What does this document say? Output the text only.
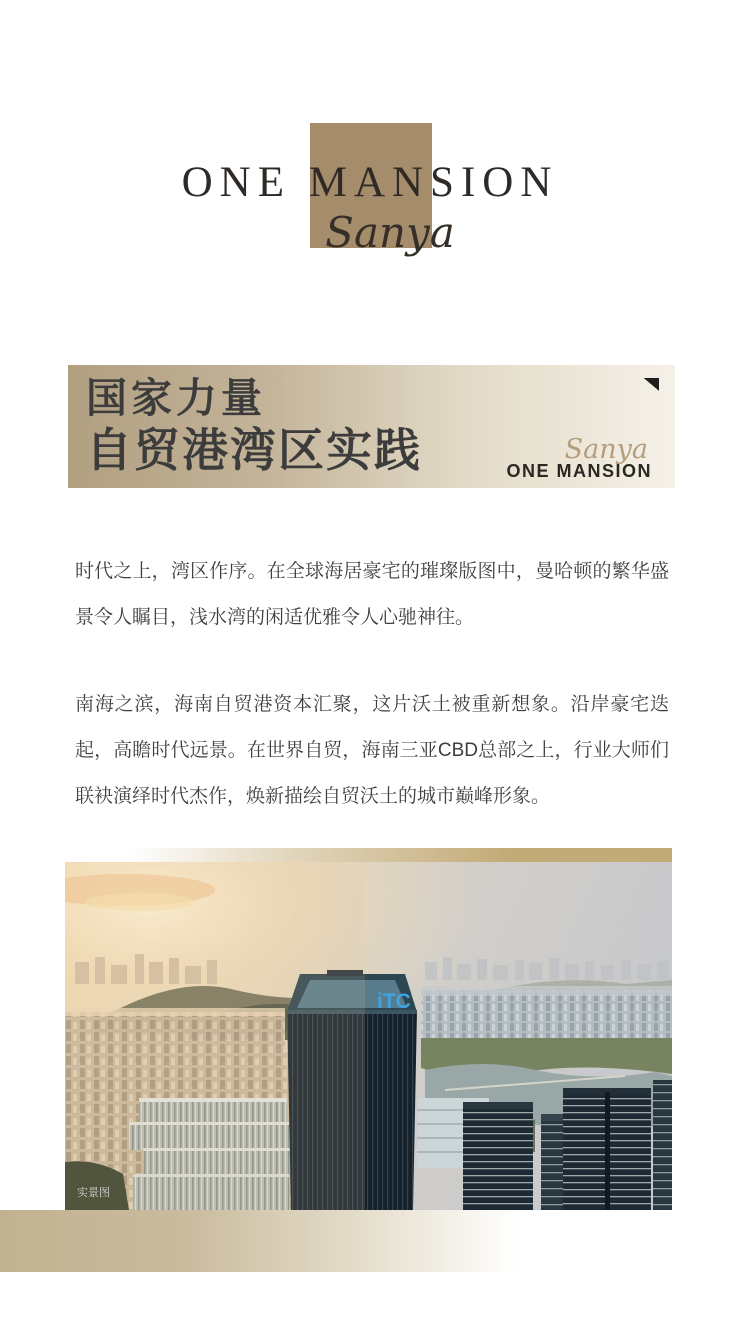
ONE MANSION
Sanya
国家力量
自贸港湾区实践	Sanya
ONE MANSION
时代之上，湾区作序。在全球海居豪宅的璀璨版图中，曼哈顿的繁华盛景令人瞩目，浅水湾的闲适优雅令人心驰神往。
南海之滨，海南自贸港资本汇聚，这片沃土被重新想象。沿岸豪宅迭起，高瞻时代远景。在世界自贸，海南三亚CBD总部之上，行业大师们联袂演绎时代杰作，焕新描绘自贸沃土的城市巅峰形象。
iTC
实景图
